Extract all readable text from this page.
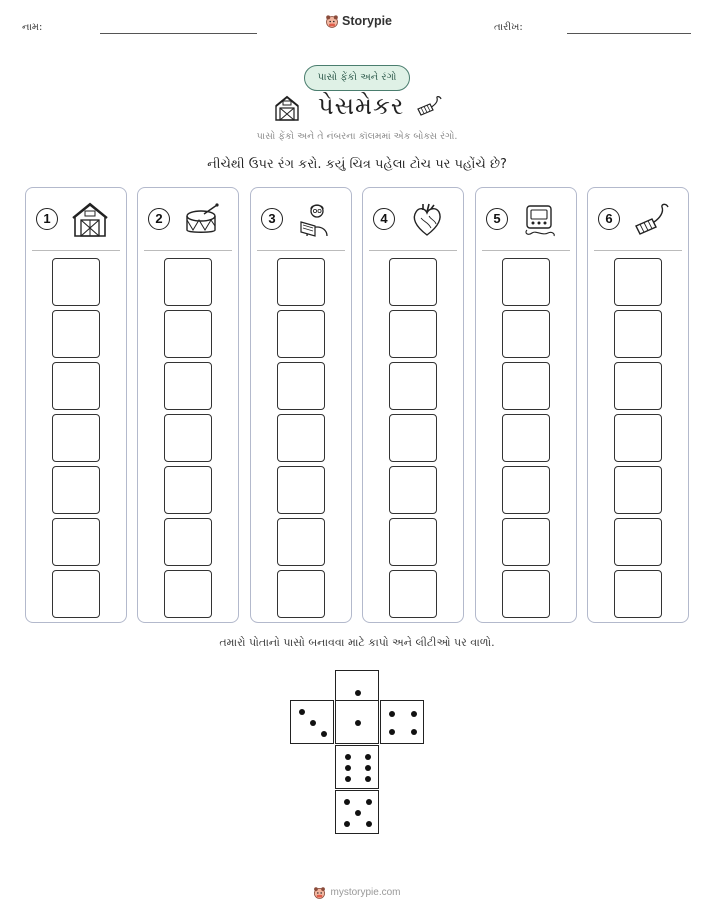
નામ:	Storypie	તારીખ:
પાસો ફેંકો અને રંગો
પેસમેકર
પાસો ફેંકો અને તે નંબરના કૉલમમાં એક બોક્સ રંગો.
નીચેથી ઉપર રંગ કરો. કયું ચિત્ર પહેલા ટોચ પર પહોંચે છે?
1	2	3	4	5	6
તમારો પોતાનો પાસો બનાવવા માટે કાપો અને લીટીઓ પર વાળો.
mystorypie.com
